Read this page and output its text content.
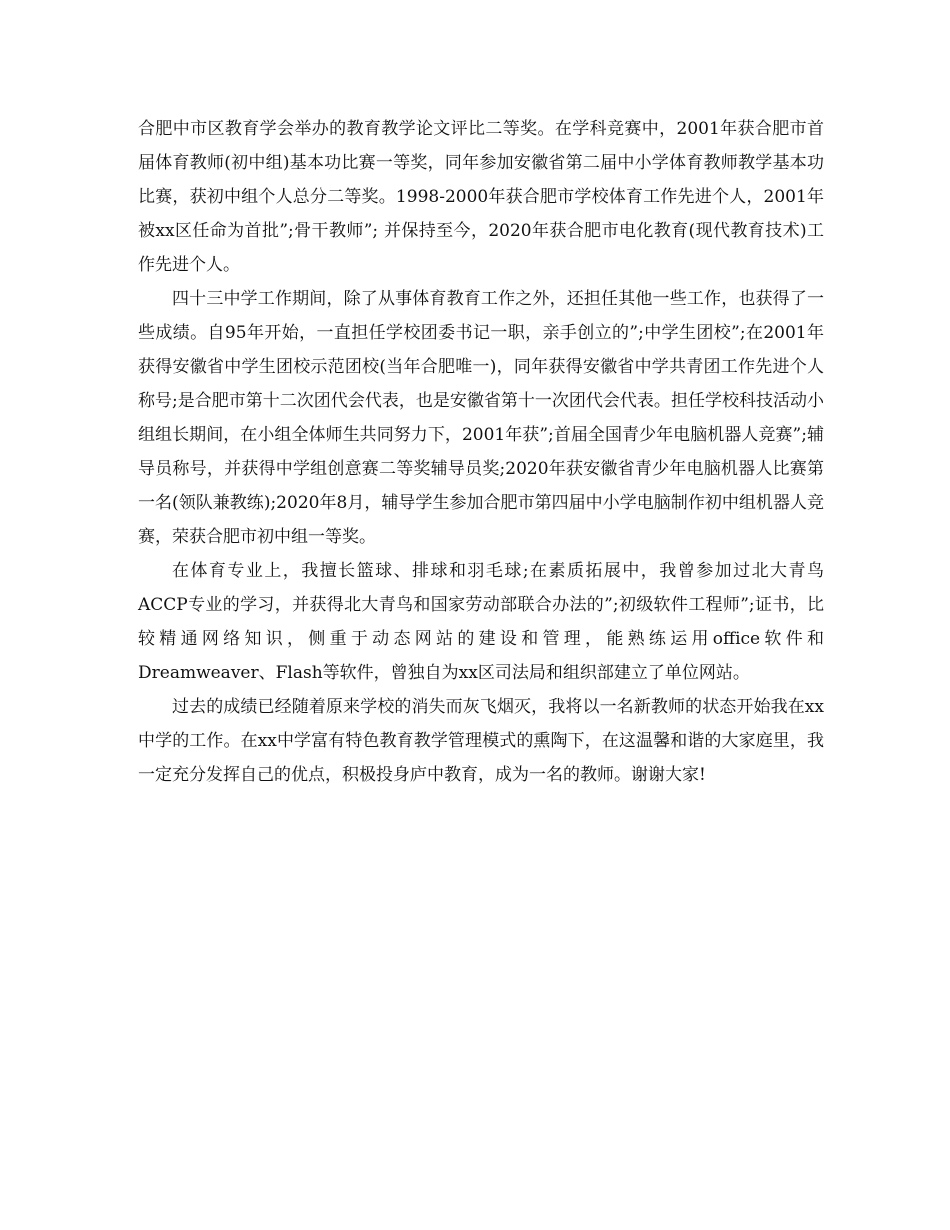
合肥中市区教育学会举办的教育教学论文评比二等奖。在学科竞赛中，2001年获合肥市首届体育教师(初中组)基本功比赛一等奖，同年参加安徽省第二届中小学体育教师教学基本功比赛，获初中组个人总分二等奖。1998-2000年获合肥市学校体育工作先进个人，2001年被xx区任命为首批”;骨干教师”; 并保持至今，2020年获合肥市电化教育(现代教育技术)工作先进个人。

四十三中学工作期间，除了从事体育教育工作之外，还担任其他一些工作，也获得了一些成绩。自95年开始，一直担任学校团委书记一职，亲手创立的”;中学生团校”;在2001年获得安徽省中学生团校示范团校(当年合肥唯一)，同年获得安徽省中学共青团工作先进个人称号;是合肥市第十二次团代会代表，也是安徽省第十一次团代会代表。担任学校科技活动小组组长期间，在小组全体师生共同努力下，2001年获”;首届全国青少年电脑机器人竞赛”;辅导员称号，并获得中学组创意赛二等奖辅导员奖;2020年获安徽省青少年电脑机器人比赛第一名(领队兼教练);2020年8月，辅导学生参加合肥市第四届中小学电脑制作初中组机器人竞赛，荣获合肥市初中组一等奖。

在体育专业上，我擅长篮球、排球和羽毛球;在素质拓展中，我曾参加过北大青鸟 ACCP专业的学习，并获得北大青鸟和国家劳动部联合办法的”;初级软件工程师”;证书，比较精通网络知识，侧重于动态网站的建设和管理，能熟练运用office软件和Dreamweaver、Flash等软件，曾独自为xx区司法局和组织部建立了单位网站。

过去的成绩已经随着原来学校的消失而灰飞烟灭，我将以一名新教师的状态开始我在xx中学的工作。在xx中学富有特色教育教学管理模式的熏陶下，在这温馨和谐的大家庭里，我一定充分发挥自己的优点，积极投身庐中教育，成为一名的教师。谢谢大家!
